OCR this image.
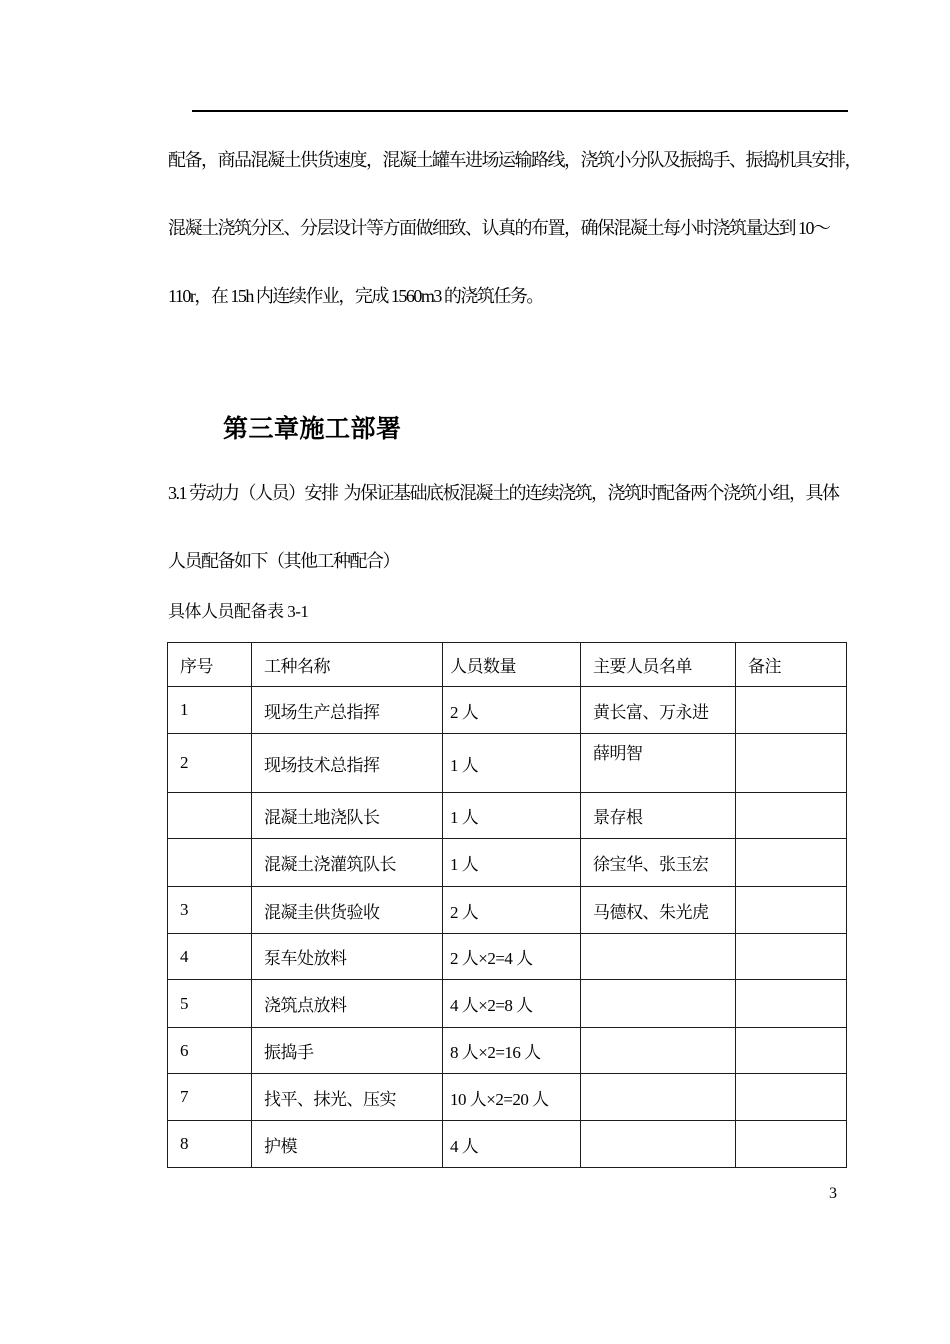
配备，商品混凝土供货速度，混凝土罐车进场运输路线，浇筑小分队及振捣手、振捣机具安排，
混凝土浇筑分区、分层设计等方面做细致、认真的布置，确保混凝土每小时浇筑量达到 10～
110r，在 15h 内连续作业，完成 1560m3 的浇筑任务。
第三章施工部署
3.1 劳动力（人员）安排  为保证基础底板混凝土的连续浇筑，浇筑时配备两个浇筑小组，具体
人员配备如下（其他工种配合）
具体人员配备表 3-1
序号	工种名称	人员数量	主要人员名单	备注
1	现场生产总指挥	2 人	黄长富、万永进	
2	现场技术总指挥	1 人	薛明智	
	混凝土地浇队长	1 人	景存根	
	混凝土浇灌筑队长	1 人	徐宝华、张玉宏	
3	混凝圭供货验收	2 人	马德权、朱光虎	
4	泵车处放料	2 人×2=4 人		
5	浇筑点放料	4 人×2=8 人		
6	振捣手	8 人×2=16 人		
7	找平、抹光、压实	10 人×2=20 人		
8	护模	4 人		
3
